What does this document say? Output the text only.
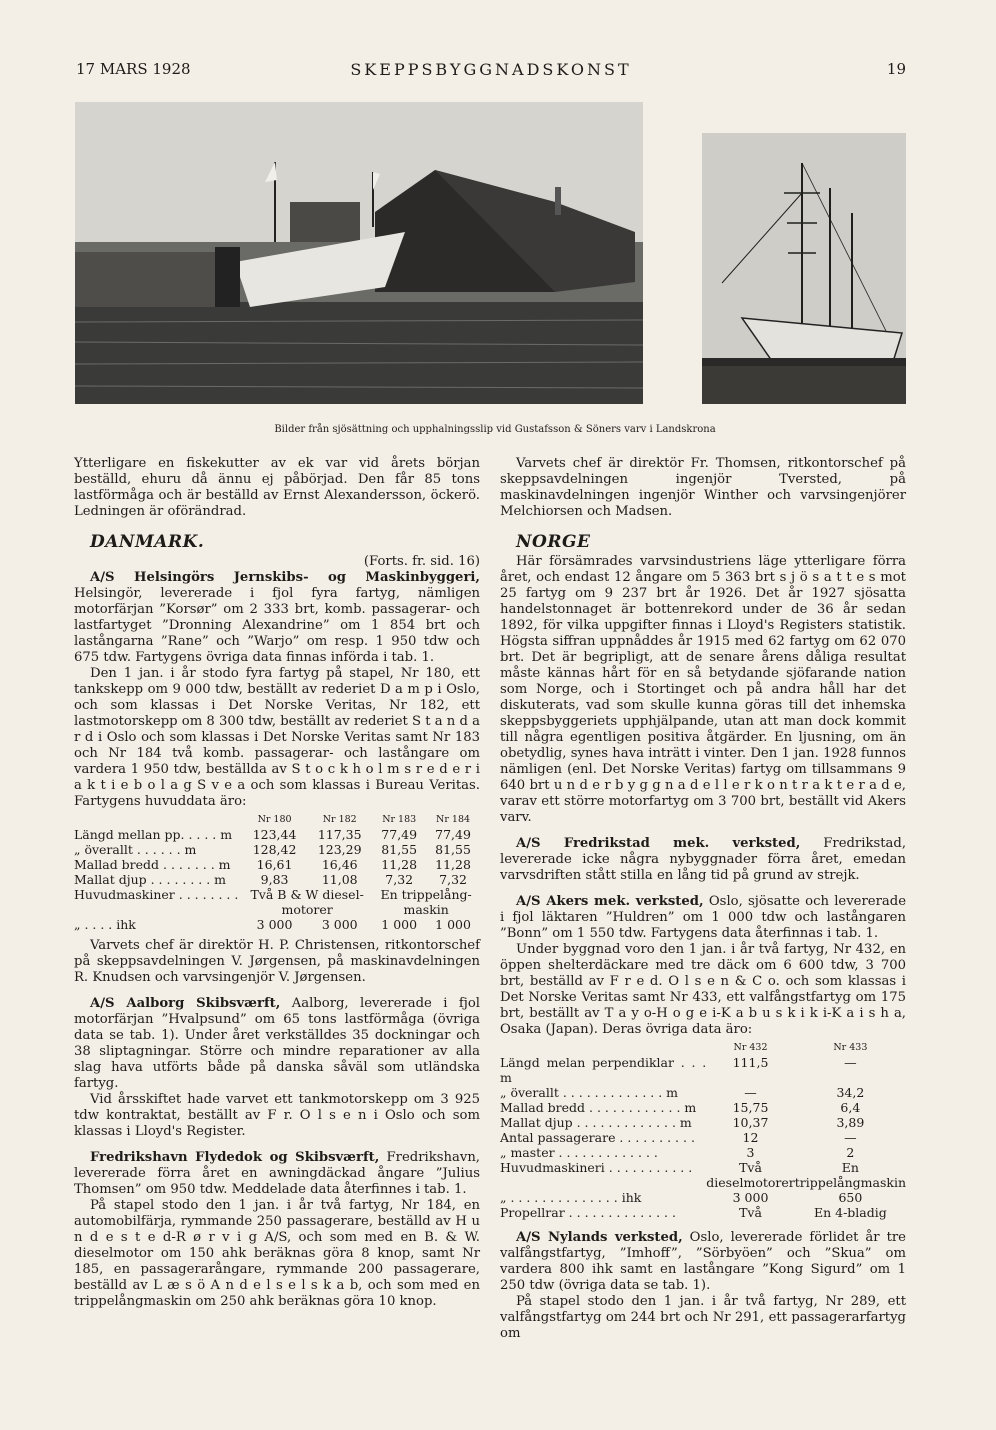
17 MARS 1928	SKEPPSBYGGNADSKONST	19
Bilder från sjösättning och upphalningsslip vid Gustafsson & Söners varv i Landskrona

Ytterligare en fiskekutter av ek var vid årets början beställd, ehuru då ännu ej påbörjad. Den får 85 tons lastförmåga och är beställd av Ernst Alexandersson, öckerö. Ledningen är oförändrad.

DANMARK.

(Forts. fr. sid. 16)

A/S Helsingörs Jernskibs- og Maskinbyggeri, Helsingör, levererade i fjol fyra fartyg, nämligen motorfärjan ”Korsør” om 2 333 brt, komb. passagerar- och lastfartyget ”Dronning Alexandrine” om 1 854 brt och lastångarna ”Rane” och ”Warjo” om resp. 1 950 tdw och 675 tdw. Fartygens övriga data finnas införda i tab. 1.

Den 1 jan. i år stodo fyra fartyg på stapel, Nr 180, ett tankskepp om 9 000 tdw, beställt av rederiet D a m p i Oslo, och som klassas i Det Norske Veritas, Nr 182, ett lastmotorskepp om 8 300 tdw, beställt av rederiet S t a n d a r d i Oslo och som klassas i Det Norske Veritas samt Nr 183 och Nr 184 två komb. passagerar- och lastångare om vardera 1 950 tdw, beställda av S t o c k h o l m s r e d e r i a k t i e b o l a g S v e a och som klassas i Bureau Veritas. Fartygens huvuddata äro:

	Nr 180	Nr 182	Nr 183	Nr 184
Längd mellan pp. . . . . m	123,44	117,35	77,49	77,49
„ överallt . . . . . . m	128,42	123,29	81,55	81,55
Mallad bredd . . . . . . . m	16,61	16,46	11,28	11,28
Mallat djup . . . . . . . . m	9,83	11,08	7,32	7,32
Huvudmaskiner . . . . . . . .	Två B & W diesel-motorer		En trippelång-maskin	
„ . . . . ihk	3 000	3 000	1 000	1 000

Varvets chef är direktör H. P. Christensen, ritkontorschef på skeppsavdelningen V. Jørgensen, på maskinavdelningen R. Knudsen och varvsingenjör V. Jørgensen.

A/S Aalborg Skibsværft, Aalborg, levererade i fjol motorfärjan ”Hvalpsund” om 65 tons lastförmåga (övriga data se tab. 1). Under året verkställdes 35 dockningar och 38 sliptagningar. Större och mindre reparationer av alla slag hava utförts både på danska såväl som utländska fartyg.

Vid årsskiftet hade varvet ett tankmotorskepp om 3 925 tdw kontraktat, beställt av F r. O l s e n i Oslo och som klassas i Lloyd's Register.

Fredrikshavn Flydedok og Skibsværft, Fredrikshavn, levererade förra året en awningdäckad ångare ”Julius Thomsen” om 950 tdw. Meddelade data återfinnes i tab. 1.

På stapel stodo den 1 jan. i år två fartyg, Nr 184, en automobilfärja, rymmande 250 passagerare, beställd av H u n d e s t e d-R ø r v i g A/S, och som med en B. & W. dieselmotor om 150 ahk beräknas göra 8 knop, samt Nr 185, en passagerarångare, rymmande 200 passagerare, beställd av L æ s ö A n d e l s e l s k a b, och som med en trippelångmaskin om 250 ahk beräknas göra 10 knop.

Varvets chef är direktör Fr. Thomsen, ritkontorschef på skeppsavdelningen ingenjör Tversted, på maskinavdelningen ingenjör Winther och varvsingenjörer Melchiorsen och Madsen.

NORGE

Här försämrades varvsindustriens läge ytterligare förra året, och endast 12 ångare om 5 363 brt s j ö s a t t e s mot 25 fartyg om 9 237 brt år 1926. Det år 1927 sjösatta handelstonnaget är bottenrekord under de 36 år sedan 1892, för vilka uppgifter finnas i Lloyd's Registers statistik. Högsta siffran uppnåddes år 1915 med 62 fartyg om 62 070 brt. Det är begripligt, att de senare årens dåliga resultat måste kännas hårt för en så betydande sjöfarande nation som Norge, och i Stortinget och på andra håll har det diskuterats, vad som skulle kunna göras till det inhemska skeppsbyggeriets upphjälpande, utan att man dock kommit till några egentligen positiva åtgärder. En ljusning, om än obetydlig, synes hava inträtt i vinter. Den 1 jan. 1928 funnos nämligen (enl. Det Norske Veritas) fartyg om tillsammans 9 640 brt u n d e r b y g g n a d e l l e r k o n t r a k t e r a d e, varav ett större motorfartyg om 3 700 brt, beställt vid Akers varv.

A/S Fredrikstad mek. verksted, Fredrikstad, levererade icke några nybyggnader förra året, emedan varvsdriften stått stilla en lång tid på grund av strejk.

A/S Akers mek. verksted, Oslo, sjösatte och levererade i fjol läktaren ”Huldren” om 1 000 tdw och lastångaren ”Bonn” om 1 550 tdw. Fartygens data återfinnas i tab. 1.

Under byggnad voro den 1 jan. i år två fartyg, Nr 432, en öppen shelterdäckare med tre däck om 6 600 tdw, 3 700 brt, beställd av F r e d. O l s e n & C o. och som klassas i Det Norske Veritas samt Nr 433, ett valfångstfartyg om 175 brt, beställt av T a y o-H o g e i-K a b u s k i k i-K a i s h a, Osaka (Japan). Deras övriga data äro:

	Nr 432	Nr 433
Längd melan perpendiklar . . . m	111,5	—
„ överallt . . . . . . . . . . . . . m	—	34,2
Mallad bredd . . . . . . . . . . . . m	15,75	6,4
Mallat djup . . . . . . . . . . . . . m	10,37	3,89
Antal passagerare . . . . . . . . . .	12	—
„ master . . . . . . . . . . . . .	3	2
Huvudmaskineri . . . . . . . . . . .	Två dieselmotorer	En trippelångmaskin
„ . . . . . . . . . . . . . . ihk	3 000	650
Propellrar . . . . . . . . . . . . . .	Två	En 4-bladig

A/S Nylands verksted, Oslo, levererade förlidet år tre valfångstfartyg, ”Imhoff”, ”Sörbyöen” och ”Skua” om vardera 800 ihk samt en lastångare ”Kong Sigurd” om 1 250 tdw (övriga data se tab. 1).

På stapel stodo den 1 jan. i år två fartyg, Nr 289, ett valfångstfartyg om 244 brt och Nr 291, ett passagerarfartyg om
